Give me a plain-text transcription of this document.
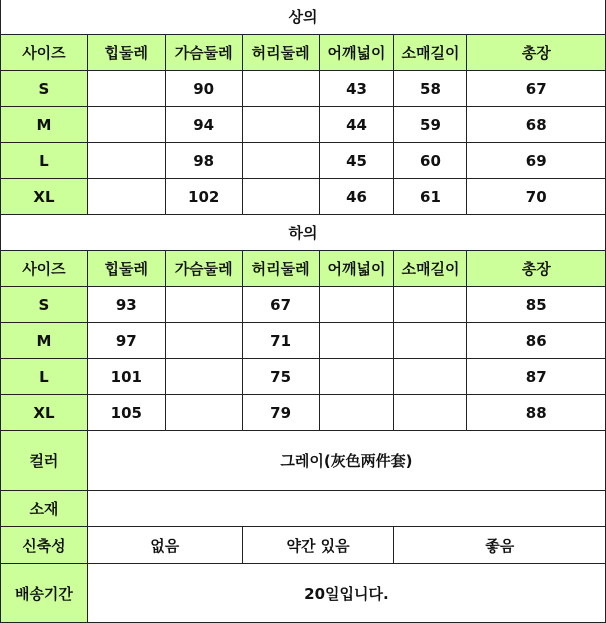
상의						
사이즈	힙둘레	가슴둘레	허리둘레	어깨넓이	소매길이	총장
S		90		43	58	67
M		94		44	59	68
L		98		45	60	69
XL		102		46	61	70
하의						
사이즈	힙둘레	가슴둘레	허리둘레	어깨넓이	소매길이	총장
S	93		67			85
M	97		71			86
L	101		75			87
XL	105		79			88
컬러	그레이(灰色两件套)					
소재						
신축성	없음		약간 있음		좋음	
배송기간	20일입니다.					
